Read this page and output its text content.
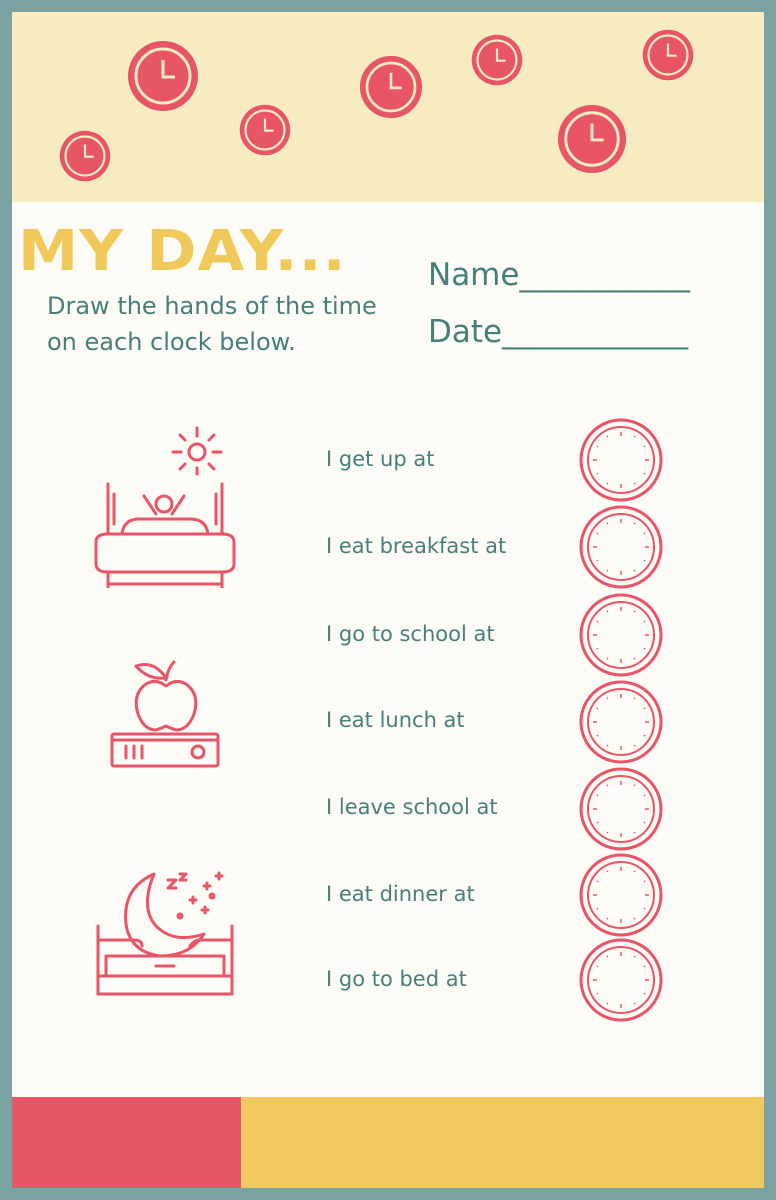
MY DAY...

Draw the hands of the time on each clock below.

Name___________
Date____________
I get up at
I eat breakfast at
I go to school at
I eat lunch at
I leave school at
I eat dinner at
I go to bed at
